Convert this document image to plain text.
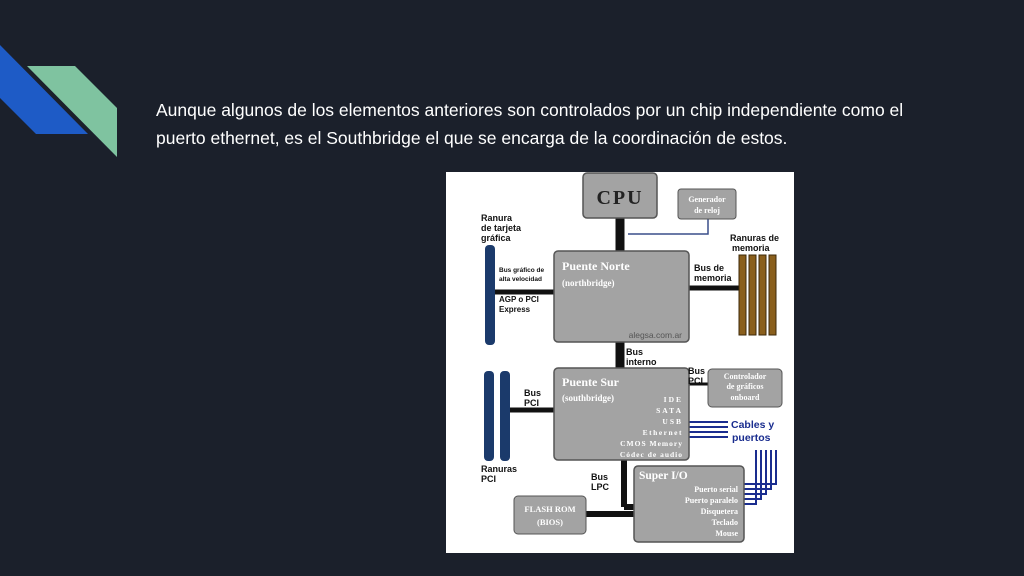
Aunque algunos de los elementos anteriores son controlados por un chip independiente como el puerto ethernet, es el Southbridge el que se encarga de la coordinación de estos.

CPU	Generador
de reloj
Ranuras de
memoria
Ranura
de tarjeta
gráfica
Bus gráfico de
alta velocidad
AGP o PCI
Express
Puente Norte
(northbridge)
alegsa.com.ar
Bus de
memoria
Bus
interno
Puente Sur
(southbridge)	IDE
SATA
USB
Ethernet
CMOS Memory
Códec de audio
Ranuras
PCI
Bus
PCI
Bus
PCI	Controlador
de gráficos
onboard
Cables y
puertos
Bus
LPC
Super I/O
Puerto serial
Puerto paralelo
Disquetera
Teclado
Mouse
FLASH ROM
(BIOS)
